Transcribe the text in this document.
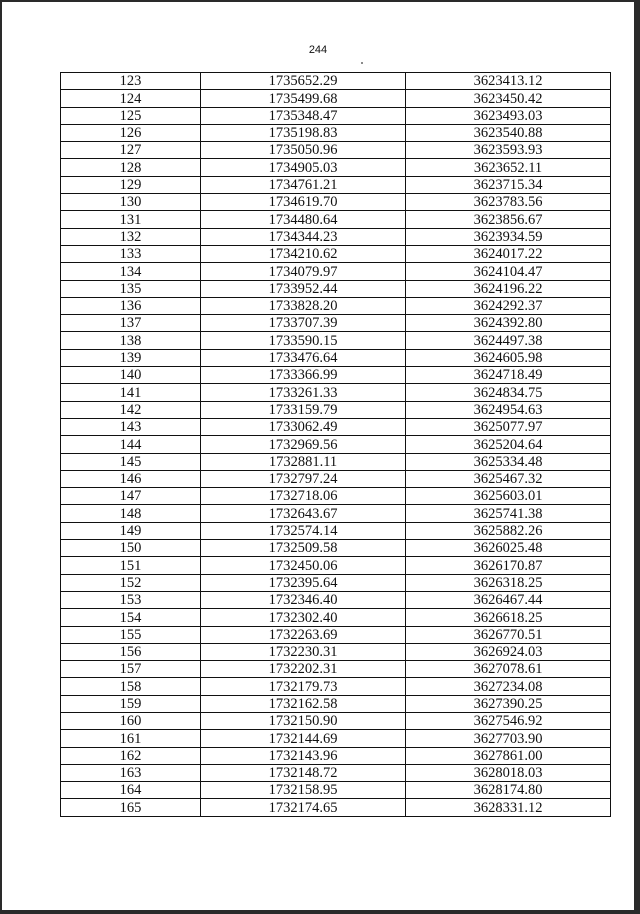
244
123	1735652.29	3623413.12
124	1735499.68	3623450.42
125	1735348.47	3623493.03
126	1735198.83	3623540.88
127	1735050.96	3623593.93
128	1734905.03	3623652.11
129	1734761.21	3623715.34
130	1734619.70	3623783.56
131	1734480.64	3623856.67
132	1734344.23	3623934.59
133	1734210.62	3624017.22
134	1734079.97	3624104.47
135	1733952.44	3624196.22
136	1733828.20	3624292.37
137	1733707.39	3624392.80
138	1733590.15	3624497.38
139	1733476.64	3624605.98
140	1733366.99	3624718.49
141	1733261.33	3624834.75
142	1733159.79	3624954.63
143	1733062.49	3625077.97
144	1732969.56	3625204.64
145	1732881.11	3625334.48
146	1732797.24	3625467.32
147	1732718.06	3625603.01
148	1732643.67	3625741.38
149	1732574.14	3625882.26
150	1732509.58	3626025.48
151	1732450.06	3626170.87
152	1732395.64	3626318.25
153	1732346.40	3626467.44
154	1732302.40	3626618.25
155	1732263.69	3626770.51
156	1732230.31	3626924.03
157	1732202.31	3627078.61
158	1732179.73	3627234.08
159	1732162.58	3627390.25
160	1732150.90	3627546.92
161	1732144.69	3627703.90
162	1732143.96	3627861.00
163	1732148.72	3628018.03
164	1732158.95	3628174.80
165	1732174.65	3628331.12
